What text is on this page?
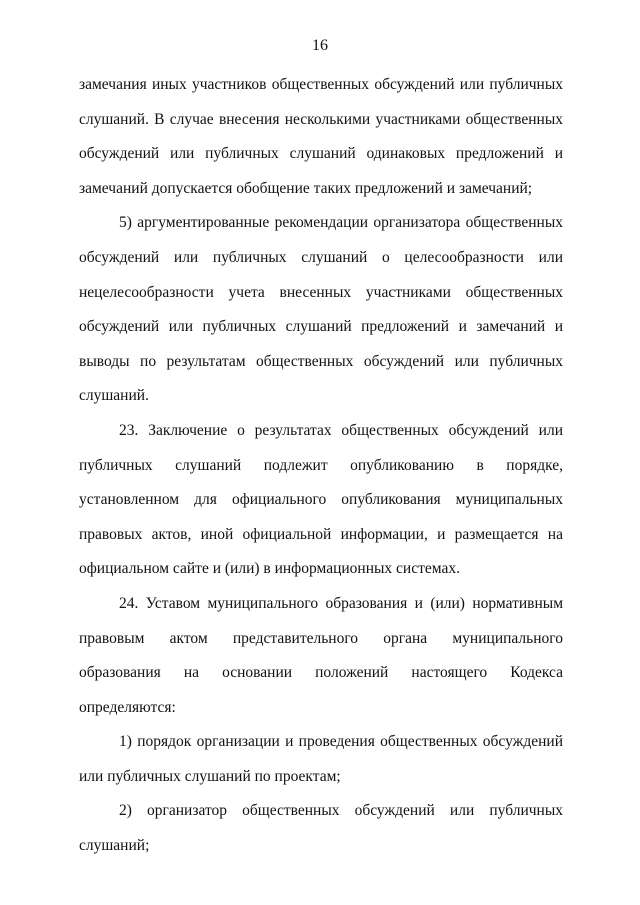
16

замечания иных участников общественных обсуждений или публичных слушаний. В случае внесения несколькими участниками общественных обсуждений или публичных слушаний одинаковых предложений и замечаний допускается обобщение таких предложений и замечаний;

5) аргументированные рекомендации организатора общественных обсуждений или публичных слушаний о целесообразности или нецелесообразности учета внесенных участниками общественных обсуждений или публичных слушаний предложений и замечаний и выводы по результатам общественных обсуждений или публичных слушаний.

23. Заключение о результатах общественных обсуждений или публичных слушаний подлежит опубликованию в порядке, установленном для официального опубликования муниципальных правовых актов, иной официальной информации, и размещается на официальном сайте и (или) в информационных системах.

24. Уставом муниципального образования и (или) нормативным правовым актом представительного органа муниципального образования на основании положений настоящего Кодекса определяются:

1) порядок организации и проведения общественных обсуждений или публичных слушаний по проектам;

2) организатор общественных обсуждений или публичных слушаний;
